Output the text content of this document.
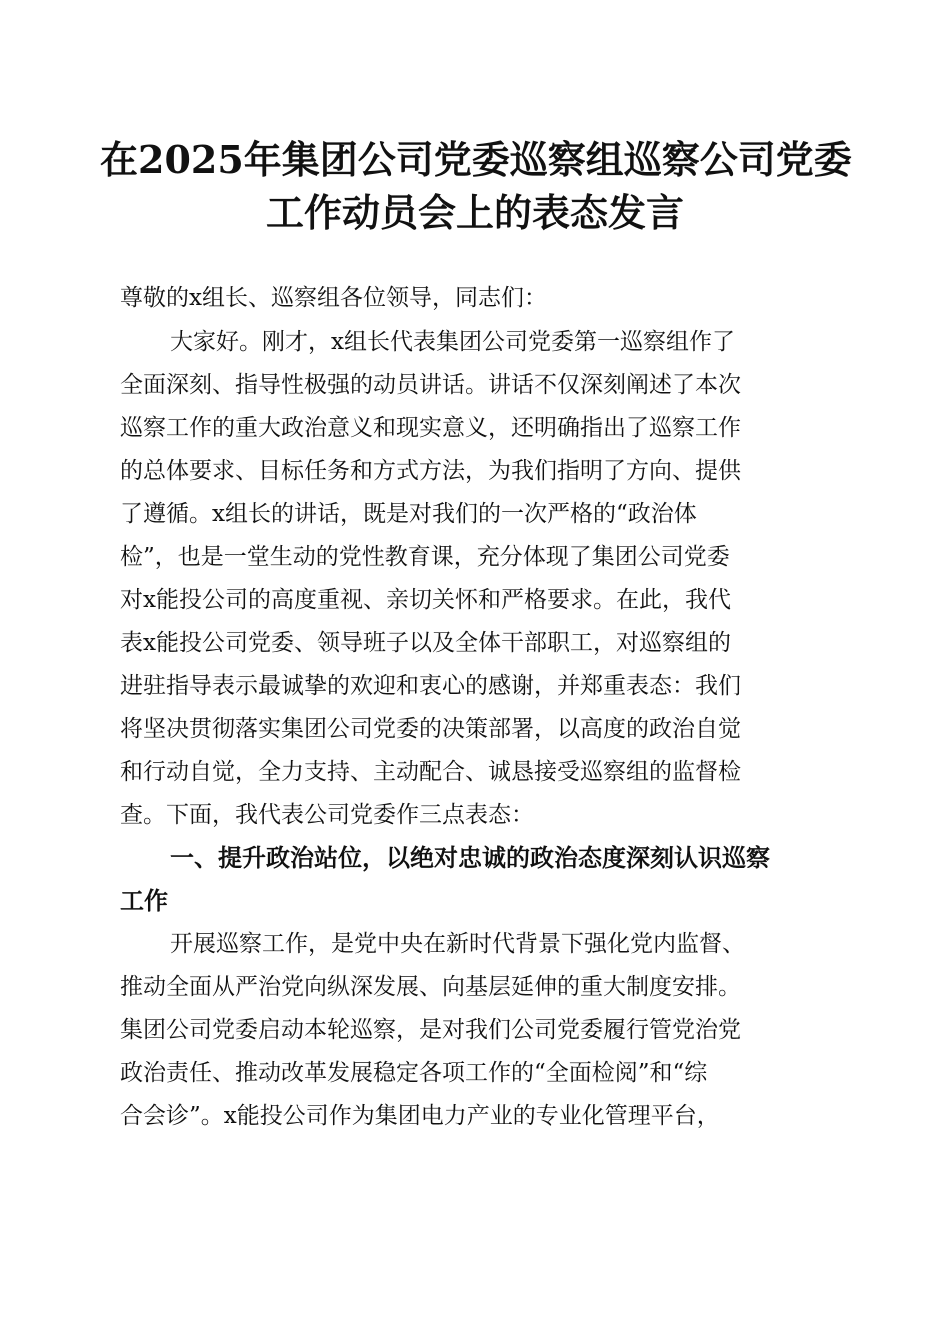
在2025年集团公司党委巡察组巡察公司党委
工作动员会上的表态发言
尊敬的x组长、巡察组各位领导，同志们：
大家好。刚才，x组长代表集团公司党委第一巡察组作了
全面深刻、指导性极强的动员讲话。讲话不仅深刻阐述了本次
巡察工作的重大政治意义和现实意义，还明确指出了巡察工作
的总体要求、目标任务和方式方法，为我们指明了方向、提供
了遵循。x组长的讲话，既是对我们的一次严格的“政治体
检”，也是一堂生动的党性教育课，充分体现了集团公司党委
对x能投公司的高度重视、亲切关怀和严格要求。在此，我代
表x能投公司党委、领导班子以及全体干部职工，对巡察组的
进驻指导表示最诚挚的欢迎和衷心的感谢，并郑重表态：我们
将坚决贯彻落实集团公司党委的决策部署，以高度的政治自觉
和行动自觉，全力支持、主动配合、诚恳接受巡察组的监督检
查。下面，我代表公司党委作三点表态：
一、提升政治站位，以绝对忠诚的政治态度深刻认识巡察
工作
开展巡察工作，是党中央在新时代背景下强化党内监督、
推动全面从严治党向纵深发展、向基层延伸的重大制度安排。
集团公司党委启动本轮巡察，是对我们公司党委履行管党治党
政治责任、推动改革发展稳定各项工作的“全面检阅”和“综
合会诊”。x能投公司作为集团电力产业的专业化管理平台，
